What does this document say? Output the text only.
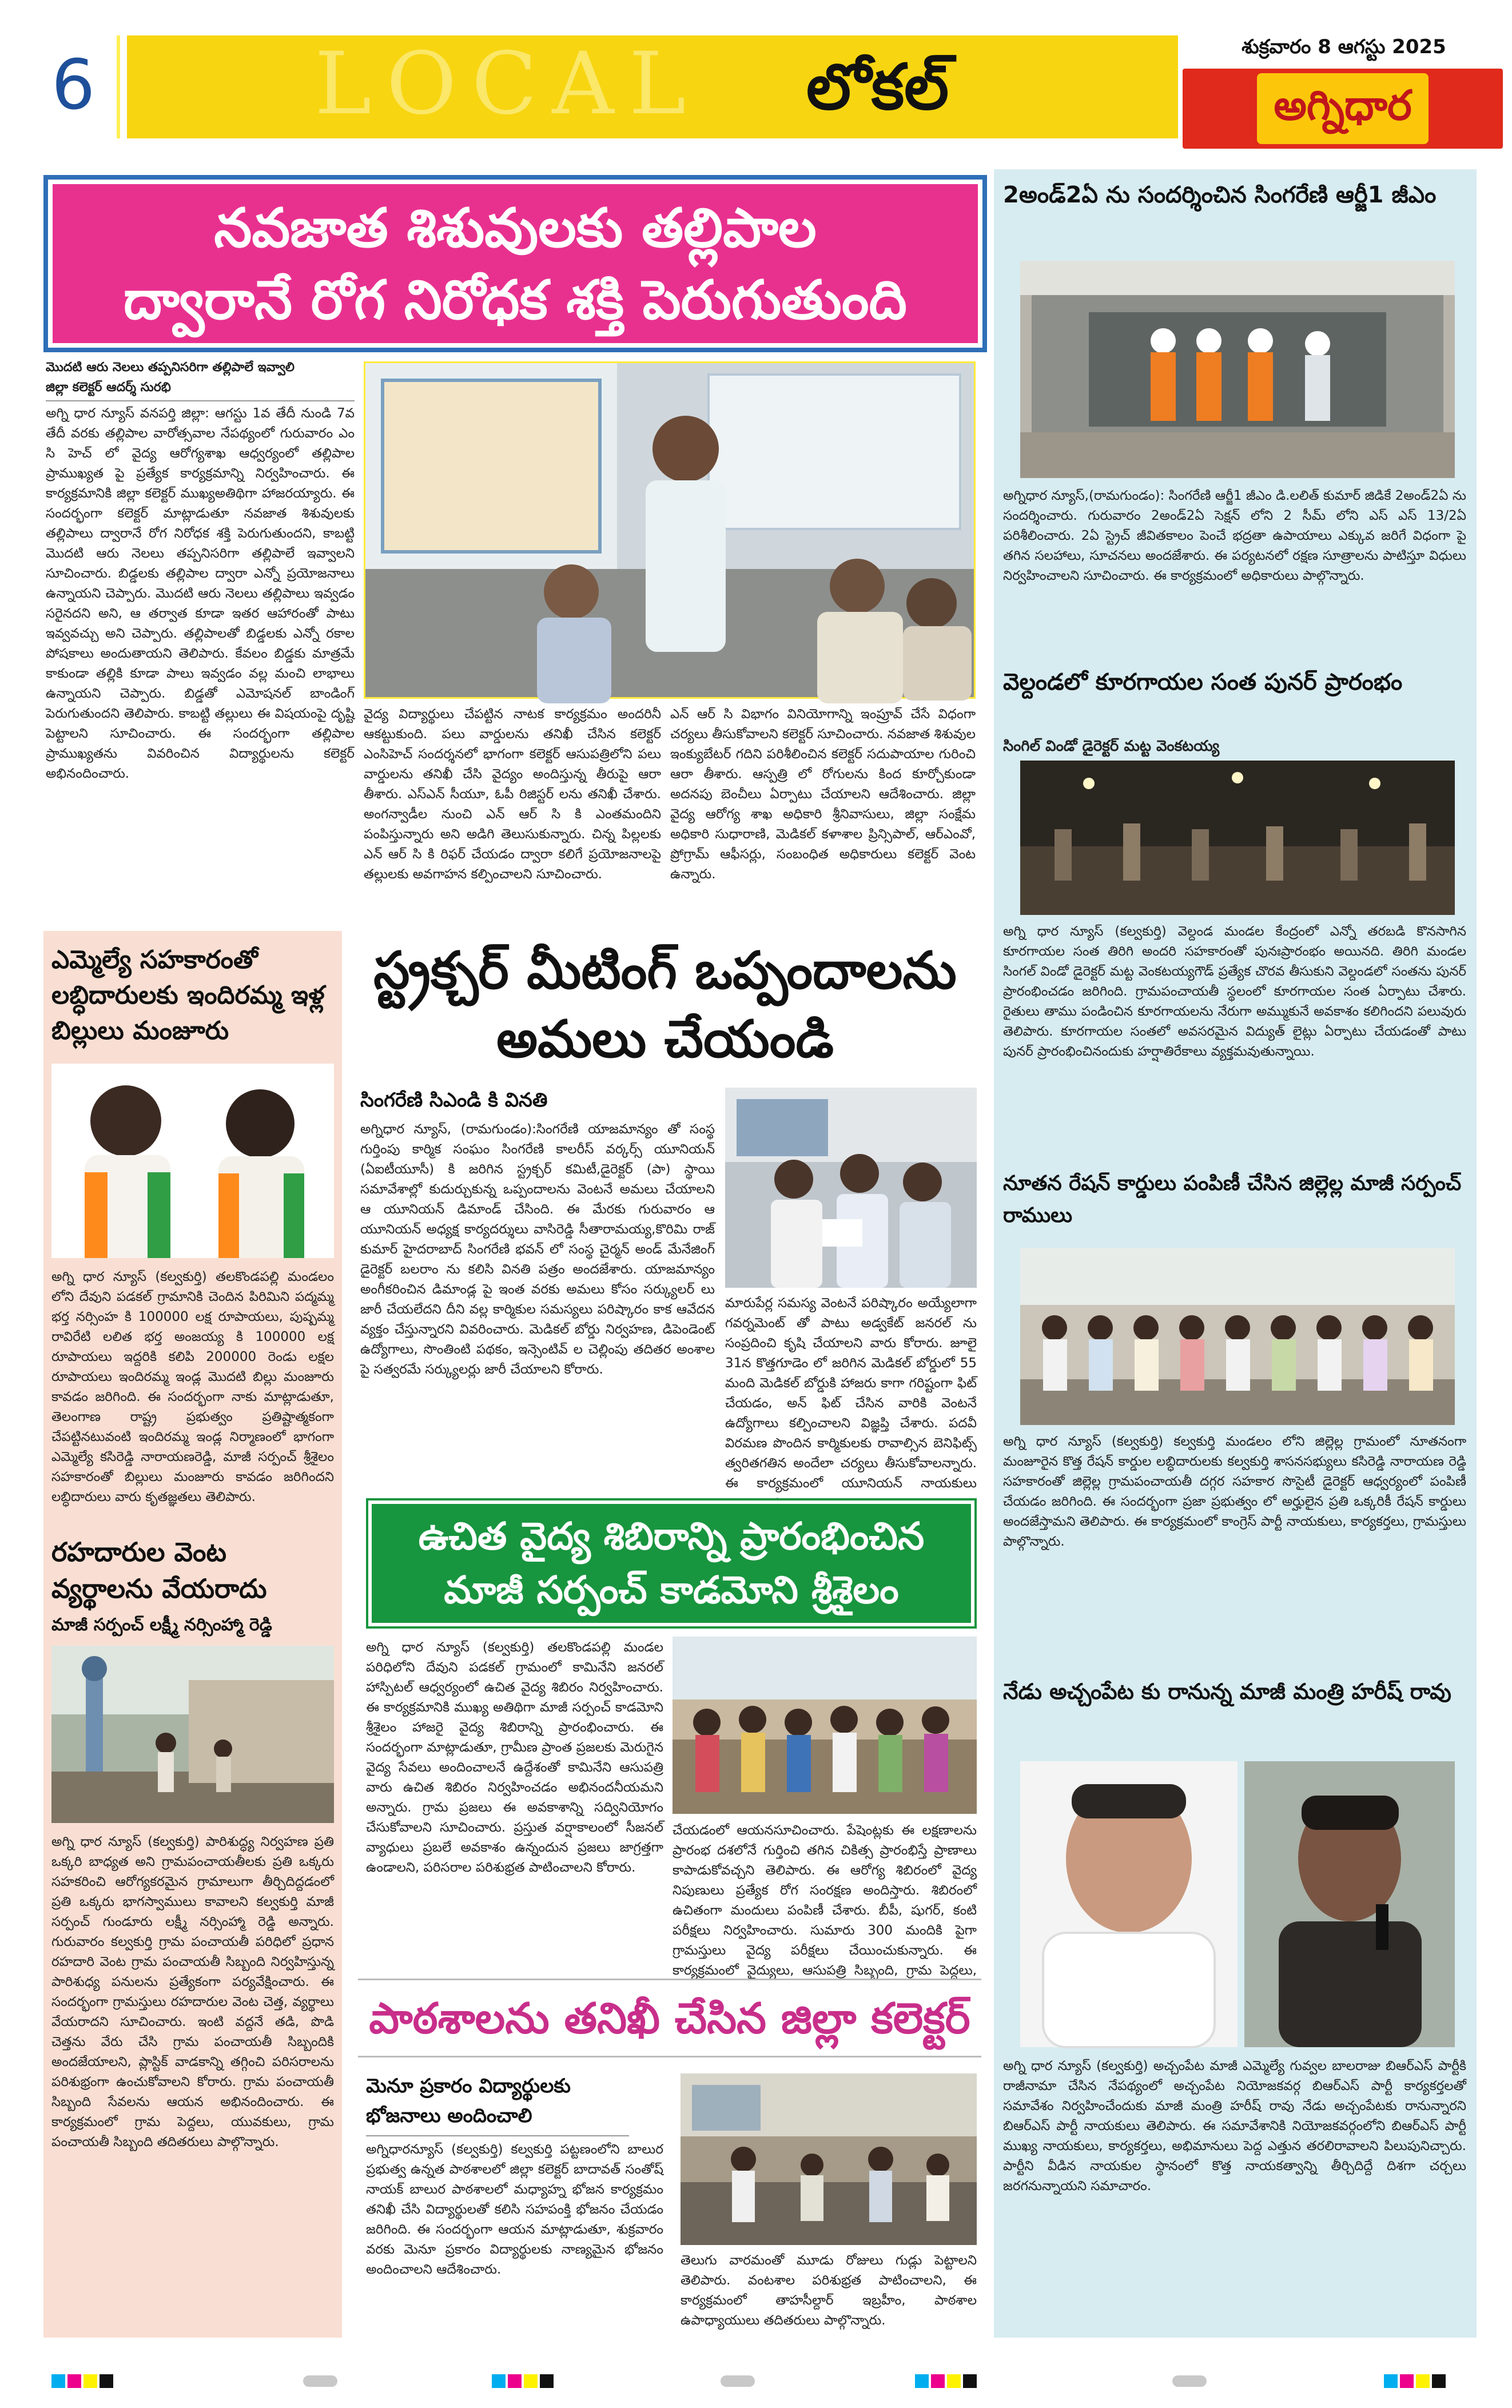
6	LOCAL లోకల్
శుక్రవారం 8 ఆగస్టు 2025
అగ్నిధార
నవజాత శిశువులకు తల్లిపాల
ద్వారానే రోగ నిరోధక శక్తి పెరుగుతుంది
మొదటి ఆరు నెలలు తప్పనిసరిగా తల్లిపాలే ఇవ్వాలి
జిల్లా కలెక్టర్ ఆదర్శ్ సురభి
అగ్ని ధార న్యూస్ వనపర్తి జిల్లా: ఆగస్టు 1వ తేదీ నుండి 7వ తేదీ వరకు తల్లిపాల వారోత్సవాల నేపథ్యంలో గురువారం ఎం సి హెచ్ లో వైద్య ఆరోగ్యశాఖ ఆధ్వర్యంలో తల్లిపాల ప్రాముఖ్యత పై ప్రత్యేక కార్యక్రమాన్ని నిర్వహించారు. ఈ కార్యక్రమానికి జిల్లా కలెక్టర్ ముఖ్యఅతిథిగా హాజరయ్యారు. ఈ సందర్భంగా కలెక్టర్ మాట్లాడుతూ నవజాత శిశువులకు తల్లిపాలు ద్వారానే రోగ నిరోధక శక్తి పెరుగుతుందని, కాబట్టి మొదటి ఆరు నెలలు తప్పనిసరిగా తల్లిపాలే ఇవ్వాలని సూచించారు. బిడ్డలకు తల్లిపాల ద్వారా ఎన్నో ప్రయోజనాలు ఉన్నాయని చెప్పారు. మొదటి ఆరు నెలలు తల్లిపాలు ఇవ్వడం సరైనదని అని, ఆ తర్వాత కూడా ఇతర ఆహారంతో పాటు ఇవ్వవచ్చు అని చెప్పారు. తల్లిపాలతో బిడ్డలకు ఎన్నో రకాల పోషకాలు అందుతాయని తెలిపారు. కేవలం బిడ్డకు మాత్రమే కాకుండా తల్లికి కూడా పాలు ఇవ్వడం వల్ల మంచి లాభాలు ఉన్నాయని చెప్పారు. బిడ్డతో ఎమోషనల్ బాండింగ్ పెరుగుతుందని తెలిపారు. కాబట్టి తల్లులు ఈ విషయంపై దృష్టి పెట్టాలని సూచించారు. ఈ సందర్భంగా తల్లిపాల ప్రాముఖ్యతను వివరించిన విద్యార్థులను కలెక్టర్ అభినందించారు.
వైద్య విద్యార్థులు చేపట్టిన నాటక కార్యక్రమం అందరినీ ఆకట్టుకుంది. పలు వార్డులను తనిఖీ చేసిన కలెక్టర్ ఎంసిహెచ్ సందర్శనలో భాగంగా కలెక్టర్ ఆసుపత్రిలోని పలు వార్డులను తనిఖీ చేసి వైద్యం అందిస్తున్న తీరుపై ఆరా తీశారు. ఎస్ఎన్ సీయూ, ఓపీ రిజిస్టర్ లను తనిఖీ చేశారు. అంగన్వాడీల నుంచి ఎన్ ఆర్ సి కి ఎంతమందిని పంపిస్తున్నారు అని అడిగి తెలుసుకున్నారు. చిన్న పిల్లలకు ఎన్ ఆర్ సి కి రిఫర్ చేయడం ద్వారా కలిగే ప్రయోజనాలపై తల్లులకు అవగాహన కల్పించాలని సూచించారు.
ఎన్ ఆర్ సి విభాగం వినియోగాన్ని ఇంప్రూవ్ చేసే విధంగా చర్యలు తీసుకోవాలని కలెక్టర్ సూచించారు. నవజాత శిశువుల ఇంక్యుబేటర్ గదిని పరిశీలించిన కలెక్టర్ సదుపాయాల గురించి ఆరా తీశారు. ఆస్పత్రి లో రోగులను కింద కూర్చోకుండా అదనపు బెంచీలు ఏర్పాటు చేయాలని ఆదేశించారు. జిల్లా వైద్య ఆరోగ్య శాఖ అధికారి శ్రీనివాసులు, జిల్లా సంక్షేమ అధికారి సుధారాణి, మెడికల్ కళాశాల ప్రిన్సిపాల్, ఆర్ఎంవో, ప్రోగ్రామ్ ఆఫీసర్లు, సంబంధిత అధికారులు కలెక్టర్ వెంట ఉన్నారు.
ఎమ్మెల్యే సహకారంతో లబ్ధిదారులకు ఇందిరమ్మ ఇళ్ల బిల్లులు మంజూరు
అగ్ని ధార న్యూస్ (కల్వకుర్తి) తలకొండపల్లి మండలం లోని దేవుని పడకల్ గ్రామానికి చెందిన పిరిమిని పద్మమ్మ భర్త నర్సింహ కి 100000 లక్ష రూపాయలు, పుష్పమ్మ రావిరేటి లలిత భర్త అంజయ్య కి 100000 లక్ష రూపాయలు ఇద్దరికి కలిపి 200000 రెండు లక్షల రూపాయలు ఇందిరమ్మ ఇండ్ల మొదటి బిల్లు మంజూరు కావడం జరిగింది. ఈ సందర్భంగా నాకు మాట్లాడుతూ, తెలంగాణ రాష్ట్ర ప్రభుత్వం ప్రతిష్టాత్మకంగా చేపట్టినటువంటి ఇందిరమ్మ ఇండ్ల నిర్మాణంలో భాగంగా ఎమ్మెల్యే కసిరెడ్డి నారాయణరెడ్డి, మాజీ సర్పంచ్ శ్రీశైలం సహకారంతో బిల్లులు మంజూరు కావడం జరిగిందని లబ్ధిదారులు వారు కృతజ్ఞతలు తెలిపారు.
రహదారుల వెంట వ్యర్థాలను వేయరాదు
మాజీ సర్పంచ్ లక్ష్మీ నర్సింహ్మా రెడ్డి
అగ్ని ధార న్యూస్ (కల్వకుర్తి) పారిశుద్ధ్య నిర్వహణ ప్రతి ఒక్కరి బాధ్యత అని గ్రామపంచాయతీలకు ప్రతి ఒక్కరు సహకరించి ఆరోగ్యకరమైన గ్రామాలుగా తీర్చిదిద్దడంలో ప్రతి ఒక్కరు భాగస్వాములు కావాలని కల్వకుర్తి మాజీ సర్పంచ్ గుండూరు లక్ష్మీ నర్సింహ్మా రెడ్డి అన్నారు. గురువారం కల్వకుర్తి గ్రామ పంచాయతీ పరిధిలో ప్రధాన రహదారి వెంట గ్రామ పంచాయతీ సిబ్బంది నిర్వహిస్తున్న పారిశుధ్య పనులను ప్రత్యేకంగా పర్యవేక్షించారు. ఈ సందర్భంగా గ్రామస్తులు రహదారుల వెంట చెత్త, వ్యర్థాలు వేయరాదని సూచించారు. ఇంటి వద్దనే తడి, పొడి చెత్తను వేరు చేసి గ్రామ పంచాయతీ సిబ్బందికి అందజేయాలని, ప్లాస్టిక్ వాడకాన్ని తగ్గించి పరిసరాలను పరిశుభ్రంగా ఉంచుకోవాలని కోరారు. గ్రామ పంచాయతీ సిబ్బంది సేవలను ఆయన అభినందించారు. ఈ కార్యక్రమంలో గ్రామ పెద్దలు, యువకులు, గ్రామ పంచాయతీ సిబ్బంది తదితరులు పాల్గొన్నారు.
స్ట్రక్చర్ మీటింగ్ ఒప్పందాలను
అమలు చేయండి
సింగరేణి సిఎండి కి వినతి
అగ్నిధార న్యూస్, (రామగుండం):సింగరేణి యాజమాన్యం తో సంస్థ గుర్తింపు కార్మిక సంఘం సింగరేణి కాలరీస్ వర్కర్స్ యూనియన్ (ఏఐటీయూసీ) కి జరిగిన స్ట్రక్చర్ కమిటీ,డైరెక్టర్ (పా) స్థాయి సమావేశాల్లో కుదుర్చుకున్న ఒప్పందాలను వెంటనే అమలు చేయాలని ఆ యూనియన్ డిమాండ్ చేసింది. ఈ మేరకు గురువారం ఆ యూనియన్ అధ్యక్ష కార్యదర్శులు వాసిరెడ్డి సీతారామయ్య,కొరిమి రాజ్ కుమార్ హైదరాబాద్ సింగరేణి భవన్ లో సంస్థ చైర్మన్ అండ్ మేనేజింగ్ డైరెక్టర్ బలరాం ను కలిసి వినతి పత్రం అందజేశారు. యాజమాన్యం అంగీకరించిన డిమాండ్ల పై ఇంత వరకు అమలు కోసం సర్క్యులర్ లు జారీ చేయలేదని దీని వల్ల కార్మికుల సమస్యలు పరిష్కారం కాక ఆవేదన వ్యక్తం చేస్తున్నారని వివరించారు. మెడికల్ బోర్డు నిర్వహణ, డిపెండెంట్ ఉద్యోగాలు, సొంతింటి పథకం, ఇన్సెంటివ్ ల చెల్లింపు తదితర అంశాల పై సత్వరమే సర్క్యులర్లు జారీ చేయాలని కోరారు.
మారుపేర్ల సమస్య వెంటనే పరిష్కారం అయ్యేలాగా గవర్నమెంట్ తో పాటు అడ్వకేట్ జనరల్ ను సంప్రదించి కృషి చేయాలని వారు కోరారు. జూలై 31న కొత్తగూడెం లో జరిగిన మెడికల్ బోర్డులో 55 మంది మెడికల్ బోర్డుకి హాజరు కాగా గరిష్టంగా ఫిట్ చేయడం, అన్ ఫిట్ చేసిన వారికి వెంటనే ఉద్యోగాలు కల్పించాలని విజ్ఞప్తి చేశారు. పదవీ విరమణ పొందిన కార్మికులకు రావాల్సిన బెనిఫిట్స్ త్వరితగతిన అందేలా చర్యలు తీసుకోవాలన్నారు. ఈ కార్యక్రమంలో యూనియన్ నాయకులు
ఉచిత వైద్య శిబిరాన్ని ప్రారంభించిన
మాజీ సర్పంచ్ కాడమోని శ్రీశైలం
అగ్ని ధార న్యూస్ (కల్వకుర్తి) తలకొండపల్లి మండల పరిధిలోని దేవుని పడకల్ గ్రామంలో కామినేని జనరల్ హాస్పిటల్ ఆధ్వర్యంలో ఉచిత వైద్య శిబిరం నిర్వహించారు. ఈ కార్యక్రమానికి ముఖ్య అతిథిగా మాజీ సర్పంచ్ కాడమోని శ్రీశైలం హాజరై వైద్య శిబిరాన్ని ప్రారంభించారు. ఈ సందర్భంగా మాట్లాడుతూ, గ్రామీణ ప్రాంత ప్రజలకు మెరుగైన వైద్య సేవలు అందించాలనే ఉద్దేశంతో కామినేని ఆసుపత్రి వారు ఉచిత శిబిరం నిర్వహించడం అభినందనీయమని అన్నారు. గ్రామ ప్రజలు ఈ అవకాశాన్ని సద్వినియోగం చేసుకోవాలని సూచించారు. ప్రస్తుత వర్షాకాలంలో సీజనల్ వ్యాధులు ప్రబలే అవకాశం ఉన్నందున ప్రజలు జాగ్రత్తగా ఉండాలని, పరిసరాల పరిశుభ్రత పాటించాలని కోరారు.
చేయడంలో ఆయనసూచించారు. పేషెంట్లకు ఈ లక్షణాలను ప్రారంభ దశలోనే గుర్తించి తగిన చికిత్స ప్రారంభిస్తే ప్రాణాలు కాపాడుకోవచ్చని తెలిపారు. ఈ ఆరోగ్య శిబిరంలో వైద్య నిపుణులు ప్రత్యేక రోగ సంరక్షణ అందిస్తారు. శిబిరంలో ఉచితంగా మందులు పంపిణీ చేశారు. బీపీ, షుగర్, కంటి పరీక్షలు నిర్వహించారు. సుమారు 300 మందికి పైగా గ్రామస్తులు వైద్య పరీక్షలు చేయించుకున్నారు. ఈ కార్యక్రమంలో వైద్యులు, ఆసుపత్రి సిబ్బంది, గ్రామ పెద్దలు,
పాఠశాలను తనిఖీ చేసిన జిల్లా కలెక్టర్
మెనూ ప్రకారం విద్యార్థులకు
భోజనాలు అందించాలి
అగ్నిధారన్యూస్ (కల్వకుర్తి) కల్వకుర్తి పట్టణంలోని బాలుర ప్రభుత్వ ఉన్నత పాఠశాలలో జిల్లా కలెక్టర్ బాదావత్ సంతోష్ నాయక్ బాలుర పాఠశాలలో మధ్యాహ్న భోజన కార్యక్రమం తనిఖీ చేసి విద్యార్థులతో కలిసి సహపంక్తి భోజనం చేయడం జరిగింది. ఈ సందర్భంగా ఆయన మాట్లాడుతూ, శుక్రవారం వరకు మెనూ ప్రకారం విద్యార్థులకు నాణ్యమైన భోజనం అందించాలని ఆదేశించారు.
తెలుగు వారమంతో మూడు రోజులు గుడ్లు పెట్టాలని తెలిపారు. వంటశాల పరిశుభ్రత పాటించాలని, ఈ కార్యక్రమంలో తాహసీల్దార్ ఇబ్రహీం, పాఠశాల ఉపాధ్యాయులు తదితరులు పాల్గొన్నారు.
2అండ్2ఏ ను సందర్శించిన సింగరేణి ఆర్జీ1 జీఎం
అగ్నిధార న్యూస్,(రామగుండం): సింగరేణి ఆర్జీ1 జీఎం డి.లలిత్ కుమార్ జిడికే 2అండ్2ఏ ను సందర్శించారు. గురువారం 2అండ్2ఏ సెక్షన్ లోని 2 సీమ్ లోని ఎస్ ఎస్ 13/2ఏ పరిశీలించారు. 2ఏ స్ట్రెచ్ జీవితకాలం పెంచే భద్రతా ఉపాయాలు ఎక్కువ జరిగే విధంగా పై తగిన సలహాలు, సూచనలు అందజేశారు. ఈ పర్యటనలో రక్షణ సూత్రాలను పాటిస్తూ విధులు నిర్వహించాలని సూచించారు. ఈ కార్యక్రమంలో అధికారులు పాల్గొన్నారు.
వెల్దండలో కూరగాయల సంత పునర్ ప్రారంభం
సింగిల్ విండో డైరెక్టర్ మట్ట వెంకటయ్య
అగ్ని ధార న్యూస్ (కల్వకుర్తి) వెల్దండ మండల కేంద్రంలో ఎన్నో తరబడి కొనసాగిన కూరగాయల సంత తిరిగి అందరి సహకారంతో పునఃప్రారంభం అయినది. తిరిగి మండల సింగల్ విండో డైరెక్టర్ మట్ట వెంకటయ్యగౌడ్ ప్రత్యేక చొరవ తీసుకుని వెల్దండలో సంతను పునర్ ప్రారంభించడం జరిగింది. గ్రామపంచాయతీ స్థలంలో కూరగాయల సంత ఏర్పాటు చేశారు. రైతులు తాము పండించిన కూరగాయలను నేరుగా అమ్ముకునే అవకాశం కలిగిందని పలువురు తెలిపారు. కూరగాయల సంతలో అవసరమైన విద్యుత్ లైట్లు ఏర్పాటు చేయడంతో పాటు పునర్ ప్రారంభించినందుకు హర్షాతిరేకాలు వ్యక్తమవుతున్నాయి.
నూతన రేషన్ కార్డులు పంపిణీ చేసిన జిల్లెల్ల మాజీ సర్పంచ్ రాములు
అగ్ని ధార న్యూస్ (కల్వకుర్తి) కల్వకుర్తి మండలం లోని జిల్లెల్ల గ్రామంలో నూతనంగా మంజూరైన కొత్త రేషన్ కార్డుల లబ్ధిదారులకు కల్వకుర్తి శాసనసభ్యులు కసిరెడ్డి నారాయణ రెడ్డి సహకారంతో జిల్లెల్ల గ్రామపంచాయతీ దగ్గర సహకార సొసైటీ డైరెక్టర్ ఆధ్వర్యంలో పంపిణీ చేయడం జరిగింది. ఈ సందర్భంగా ప్రజా ప్రభుత్వం లో అర్హులైన ప్రతి ఒక్కరికీ రేషన్ కార్డులు అందజేస్తామని తెలిపారు. ఈ కార్యక్రమంలో కాంగ్రెస్ పార్టీ నాయకులు, కార్యకర్తలు, గ్రామస్తులు పాల్గొన్నారు.
నేడు అచ్చంపేట కు రానున్న మాజీ మంత్రి హరీష్ రావు
అగ్ని ధార న్యూస్ (కల్వకుర్తి) అచ్చంపేట మాజీ ఎమ్మెల్యే గువ్వల బాలరాజు బిఆర్ఎస్ పార్టీకి రాజీనామా చేసిన నేపథ్యంలో అచ్చంపేట నియోజకవర్గ బిఆర్ఎస్ పార్టీ కార్యకర్తలతో సమావేశం నిర్వహించేందుకు మాజీ మంత్రి హరీష్ రావు నేడు అచ్చంపేటకు రానున్నారని బిఆర్ఎస్ పార్టీ నాయకులు తెలిపారు. ఈ సమావేశానికి నియోజకవర్గంలోని బిఆర్ఎస్ పార్టీ ముఖ్య నాయకులు, కార్యకర్తలు, అభిమానులు పెద్ద ఎత్తున తరలిరావాలని పిలుపునిచ్చారు. పార్టీని వీడిన నాయకుల స్థానంలో కొత్త నాయకత్వాన్ని తీర్చిదిద్దే దిశగా చర్చలు జరగనున్నాయని సమాచారం.
